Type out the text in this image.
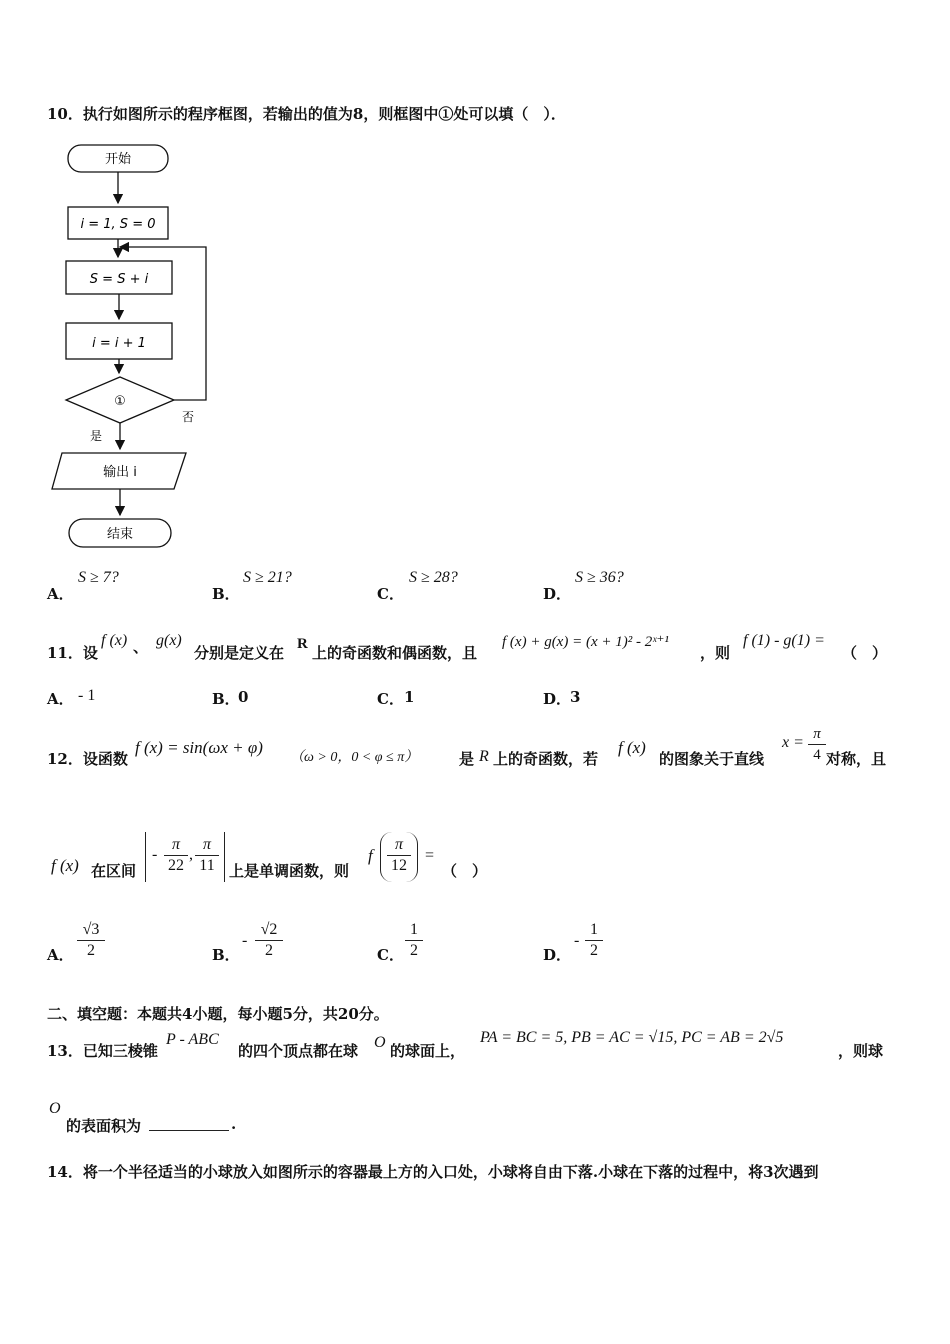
10．执行如图所示的程序框图，若输出的值为8，则框图中①处可以填（　）．
开始
i = 1, S = 0
S = S + i
i = i + 1
①
否
是
输出 i
结束
A．
S ≥ 7?
B．
S ≥ 21?
C．
S ≥ 28?
D．
S ≥ 36?
11．设
f (x) 、 g(x)
分别是定义在 R 上的奇函数和偶函数，且
f (x) + g(x) = (x + 1)² - 2ˣ⁺¹
，则
f (1) - g(1) =
（　）
A． - 1	B．
0	C． 1	D．
3
12．设函数
f (x) = sin(ωx + φ)
（ω > 0，0 < φ ≤ π）	是 R 上的奇函数，若
f (x)
的图象关于直线
$x = \frac{\pi}{4}$ 对称，且
f (x) 在区间
- $\frac{\pi}{22}$ , $\frac{\pi}{11}$ 上是单调函数，则
f $\frac{\pi}{12}$ =
（　）
A． $\frac{√3}{2}$	B．
- $\frac{√2}{2}$	C． $\frac{1}{2}$	D．
- $\frac{1}{2}$
二、填空题：本题共4小题，每小题5分，共20分。
13．已知三棱锥
P - ABC
的四个顶点都在球 O 的球面上，
PA = BC = 5, PB = AC = √15, PC = AB = 2√5
，则球
O
的表面积为	.
14．将一个半径适当的小球放入如图所示的容器最上方的入口处，小球将自由下落.小球在下落的过程中，将3次遇到
